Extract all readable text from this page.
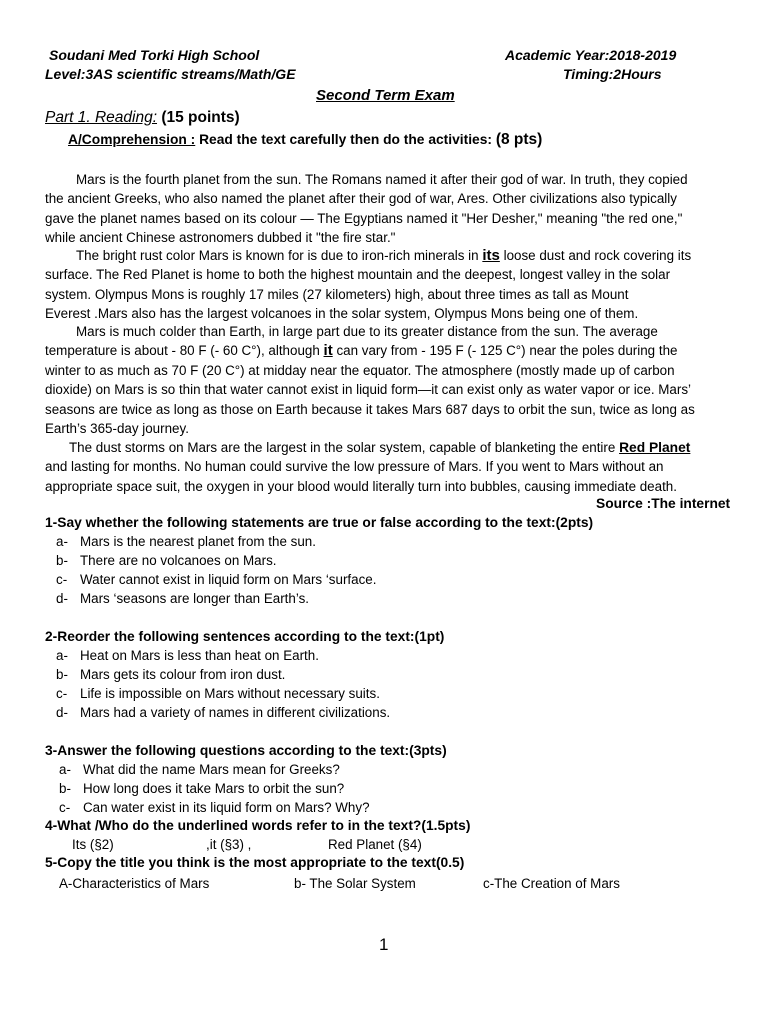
Soudani Med Torki High School	Academic Year:2018-2019
Level:3AS scientific streams/Math/GE	Timing:2Hours
Second Term Exam
Part 1. Reading: (15 points)
A/Comprehension : Read the text carefully then do the activities: (8 pts)
Mars is the fourth planet from the sun. The Romans named it after their god of war. In truth, they copied
the ancient Greeks, who also named the planet after their god of war, Ares. Other civilizations also typically
gave the planet names based on its colour — The Egyptians named it "Her Desher," meaning "the red one,"
while ancient Chinese astronomers dubbed it "the fire star."
The bright rust color Mars is known for is due to iron-rich minerals in its loose dust and rock covering its
surface. The Red Planet is home to both the highest mountain and the deepest, longest valley in the solar
system. Olympus Mons is roughly 17 miles (27 kilometers) high, about three times as tall as Mount
Everest .Mars also has the largest volcanoes in the solar system, Olympus Mons being one of them.
Mars is much colder than Earth, in large part due to its greater distance from the sun. The average
temperature is about - 80 F (- 60 C°), although it can vary from - 195 F (- 125 C°) near the poles during the
winter to as much as 70 F (20 C°) at midday near the equator. The atmosphere (mostly made up of carbon
dioxide) on Mars is so thin that water cannot exist in liquid form—it can exist only as water vapor or ice. Mars’
seasons are twice as long as those on Earth because it takes Mars 687 days to orbit the sun, twice as long as
Earth’s 365-day journey.
The dust storms on Mars are the largest in the solar system, capable of blanketing the entire Red Planet
and lasting for months. No human could survive the low pressure of Mars. If you went to Mars without an
appropriate space suit, the oxygen in your blood would literally turn into bubbles, causing immediate death.
Source :The internet
1-Say whether the following statements are true or false according to the text:(2pts)
a- Mars is the nearest planet from the sun.
b- There are no volcanoes on Mars.
c- Water cannot exist in liquid form on Mars ‘surface.
d- Mars ‘seasons are longer than Earth’s.
2-Reorder the following sentences according to the text:(1pt)
a- Heat on Mars is less than heat on Earth.
b- Mars gets its colour from iron dust.
c- Life is impossible on Mars without necessary suits.
d- Mars had a variety of names in different civilizations.
3-Answer the following questions according to the text:(3pts)
a- What did the name Mars mean for Greeks?
b- How long does it take Mars to orbit the sun?
c- Can water exist in its liquid form on Mars? Why?
4-What /Who do the underlined words refer to in the text?(1.5pts)
Its (§2)	,it (§3) ,	Red Planet (§4)
5-Copy the title you think is the most appropriate to the text(0.5)
A-Characteristics of Mars	b- The Solar System	c-The Creation of Mars
1
